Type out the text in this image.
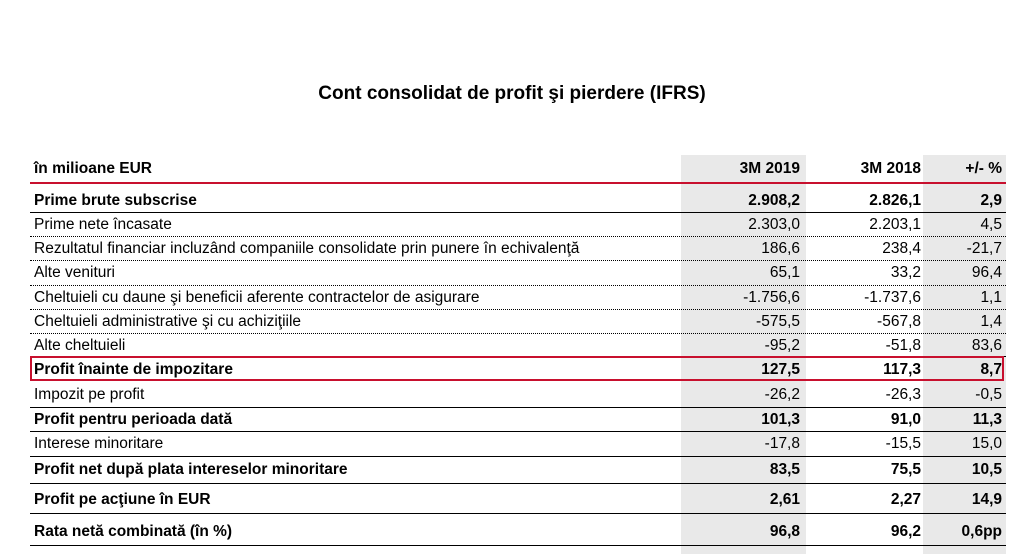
Cont consolidat de profit şi pierdere (IFRS)
în milioane EUR	3M 2019	3M 2018	+/- %
Prime brute subscrise	2.908,2	2.826,1	2,9
Prime nete încasate	2.303,0	2.203,1	4,5
Rezultatul financiar incluzând companiile consolidate prin punere în echivalenţă	186,6	238,4	-21,7
Alte venituri	65,1	33,2	96,4
Cheltuieli cu daune şi beneficii aferente contractelor de asigurare	-1.756,6	-1.737,6	1,1
Cheltuieli administrative şi cu achiziţiile	-575,5	-567,8	1,4
Alte cheltuieli	-95,2	-51,8	83,6
Profit înainte de impozitare	127,5	117,3	8,7
Impozit pe profit	-26,2	-26,3	-0,5
Profit pentru perioada dată	101,3	91,0	11,3
Interese minoritare	-17,8	-15,5	15,0
Profit net după plata intereselor minoritare	83,5	75,5	10,5
Profit pe acţiune în EUR	2,61	2,27	14,9
Rata netă combinată (în %)	96,8	96,2	0,6pp
